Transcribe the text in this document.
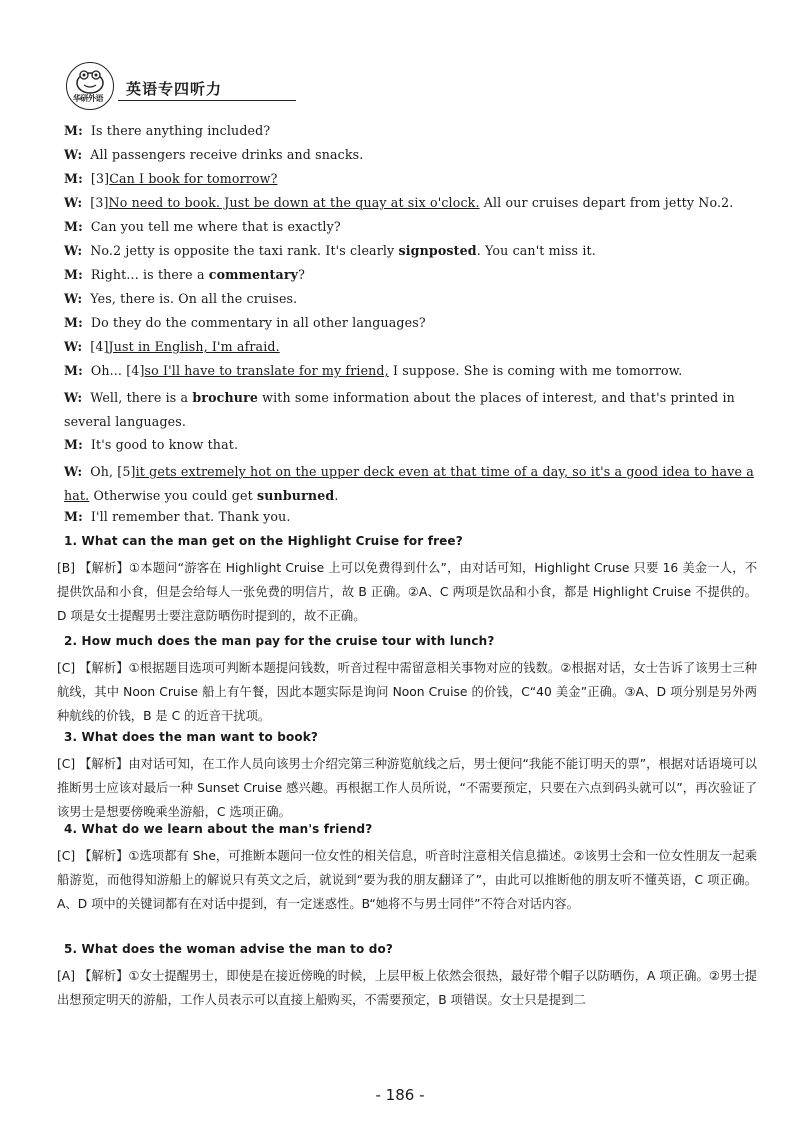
华研外语
英语专四听力
M: Is there anything included?
W: All passengers receive drinks and snacks.
M: [3]Can I book for tomorrow?
W: [3]No need to book. Just be down at the quay at six o'clock. All our cruises depart from jetty No.2.
M: Can you tell me where that is exactly?
W: No.2 jetty is opposite the taxi rank. It's clearly signposted. You can't miss it.
M: Right... is there a commentary?
W: Yes, there is. On all the cruises.
M: Do they do the commentary in all other languages?
W: [4]Just in English, I'm afraid.
M: Oh... [4]so I'll have to translate for my friend, I suppose. She is coming with me tomorrow.
W: Well, there is a brochure with some information about the places of interest, and that's printed in several languages.
M: It's good to know that.
W: Oh, [5]it gets extremely hot on the upper deck even at that time of a day, so it's a good idea to have a hat. Otherwise you could get sunburned.
M: I'll remember that. Thank you.
1. What can the man get on the Highlight Cruise for free?
[B] 【解析】①本题问“游客在 Highlight Cruise 上可以免费得到什么”，由对话可知，Highlight Cruse 只要 16 美金一人，不提供饮品和小食，但是会给每人一张免费的明信片，故 B 正确。②A、C 两项是饮品和小食，都是 Highlight Cruise 不提供的。D 项是女士提醒男士要注意防晒伤时提到的，故不正确。
2. How much does the man pay for the cruise tour with lunch?
[C] 【解析】①根据题目选项可判断本题提问钱数，听音过程中需留意相关事物对应的钱数。②根据对话，女士告诉了该男士三种航线，其中 Noon Cruise 船上有午餐，因此本题实际是询问 Noon Cruise 的价钱，C“40 美金”正确。③A、D 项分别是另外两种航线的价钱，B 是 C 的近音干扰项。
3. What does the man want to book?
[C] 【解析】由对话可知，在工作人员向该男士介绍完第三种游览航线之后，男士便问“我能不能订明天的票”，根据对话语境可以推断男士应该对最后一种 Sunset Cruise 感兴趣。再根据工作人员所说，“不需要预定，只要在六点到码头就可以”，再次验证了该男士是想要傍晚乘坐游船，C 选项正确。
4. What do we learn about the man's friend?
[C] 【解析】①选项都有 She，可推断本题问一位女性的相关信息，听音时注意相关信息描述。②该男士会和一位女性朋友一起乘船游览，而他得知游船上的解说只有英文之后，就说到“要为我的朋友翻译了”，由此可以推断他的朋友听不懂英语，C 项正确。A、D 项中的关键词都有在对话中提到，有一定迷惑性。B“她将不与男士同伴”不符合对话内容。
5. What does the woman advise the man to do?
[A] 【解析】①女士提醒男士，即使是在接近傍晚的时候，上层甲板上依然会很热，最好带个帽子以防晒伤，A 项正确。②男士提出想预定明天的游船，工作人员表示可以直接上船购买，不需要预定，B 项错误。女士只是提到二
- 186 -
